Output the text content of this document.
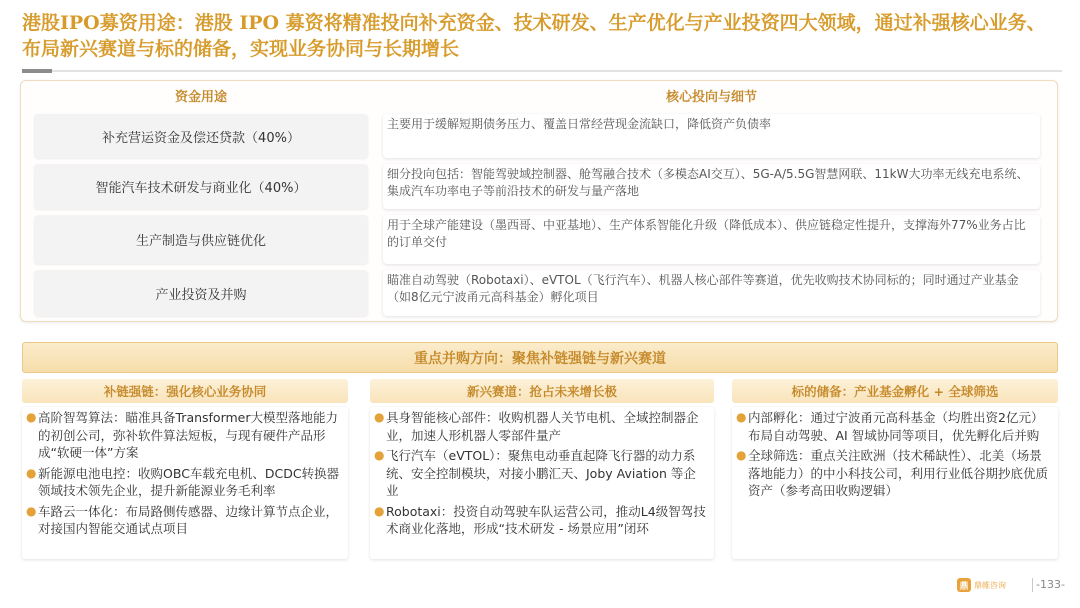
港股IPO募资用途：港股 IPO 募资将精准投向补充资金、技术研发、生产优化与产业投资四大领域，通过补强核心业务、布局新兴赛道与标的储备，实现业务协同与长期增长
资金用途	核心投向与细节
补充营运资金及偿还贷款（40%）
主要用于缓解短期债务压力、覆盖日常经营现金流缺口，降低资产负债率
智能汽车技术研发与商业化（40%）
细分投向包括：智能驾驶域控制器、舱驾融合技术（多模态AI交互）、5G-A/5.5G智慧网联、11kW大功率无线充电系统、集成汽车功率电子等前沿技术的研发与量产落地
生产制造与供应链优化
用于全球产能建设（墨西哥、中亚基地）、生产体系智能化升级（降低成本）、供应链稳定性提升，支撑海外77%业务占比的订单交付
产业投资及并购
瞄准自动驾驶（Robotaxi）、eVTOL（飞行汽车）、机器人核心部件等赛道，优先收购技术协同标的；同时通过产业基金（如8亿元宁波甬元高科基金）孵化项目
重点并购方向：聚焦补链强链与新兴赛道
补链强链：强化核心业务协同
● 高阶智驾算法：瞄准具备Transformer大模型落地能力的初创公司，弥补软件算法短板，与现有硬件产品形成“软硬一体”方案
● 新能源电池电控：收购OBC车载充电机、DCDC转换器领域技术领先企业，提升新能源业务毛利率
● 车路云一体化：布局路侧传感器、边缘计算节点企业，对接国内智能交通试点项目
新兴赛道：抢占未来增长极
● 具身智能核心部件：收购机器人关节电机、全域控制器企业，加速人形机器人零部件量产
● 飞行汽车（eVTOL）：聚焦电动垂直起降飞行器的动力系统、安全控制模块，对接小鹏汇天、Joby Aviation 等企业
● Robotaxi：投资自动驾驶车队运营公司，推动L4级智驾技术商业化落地，形成“技术研发 - 场景应用”闭环
标的储备：产业基金孵化 + 全球筛选
● 内部孵化：通过宁波甬元高科基金（均胜出资2亿元）布局自动驾驶、AI 智域协同等项目，优先孵化后并购
● 全球筛选：重点关注欧洲（技术稀缺性）、北美（场景落地能力）的中小科技公司，利用行业低谷期抄底优质资产（参考高田收购逻辑）
鼎 鼎帷咨询	-133-
